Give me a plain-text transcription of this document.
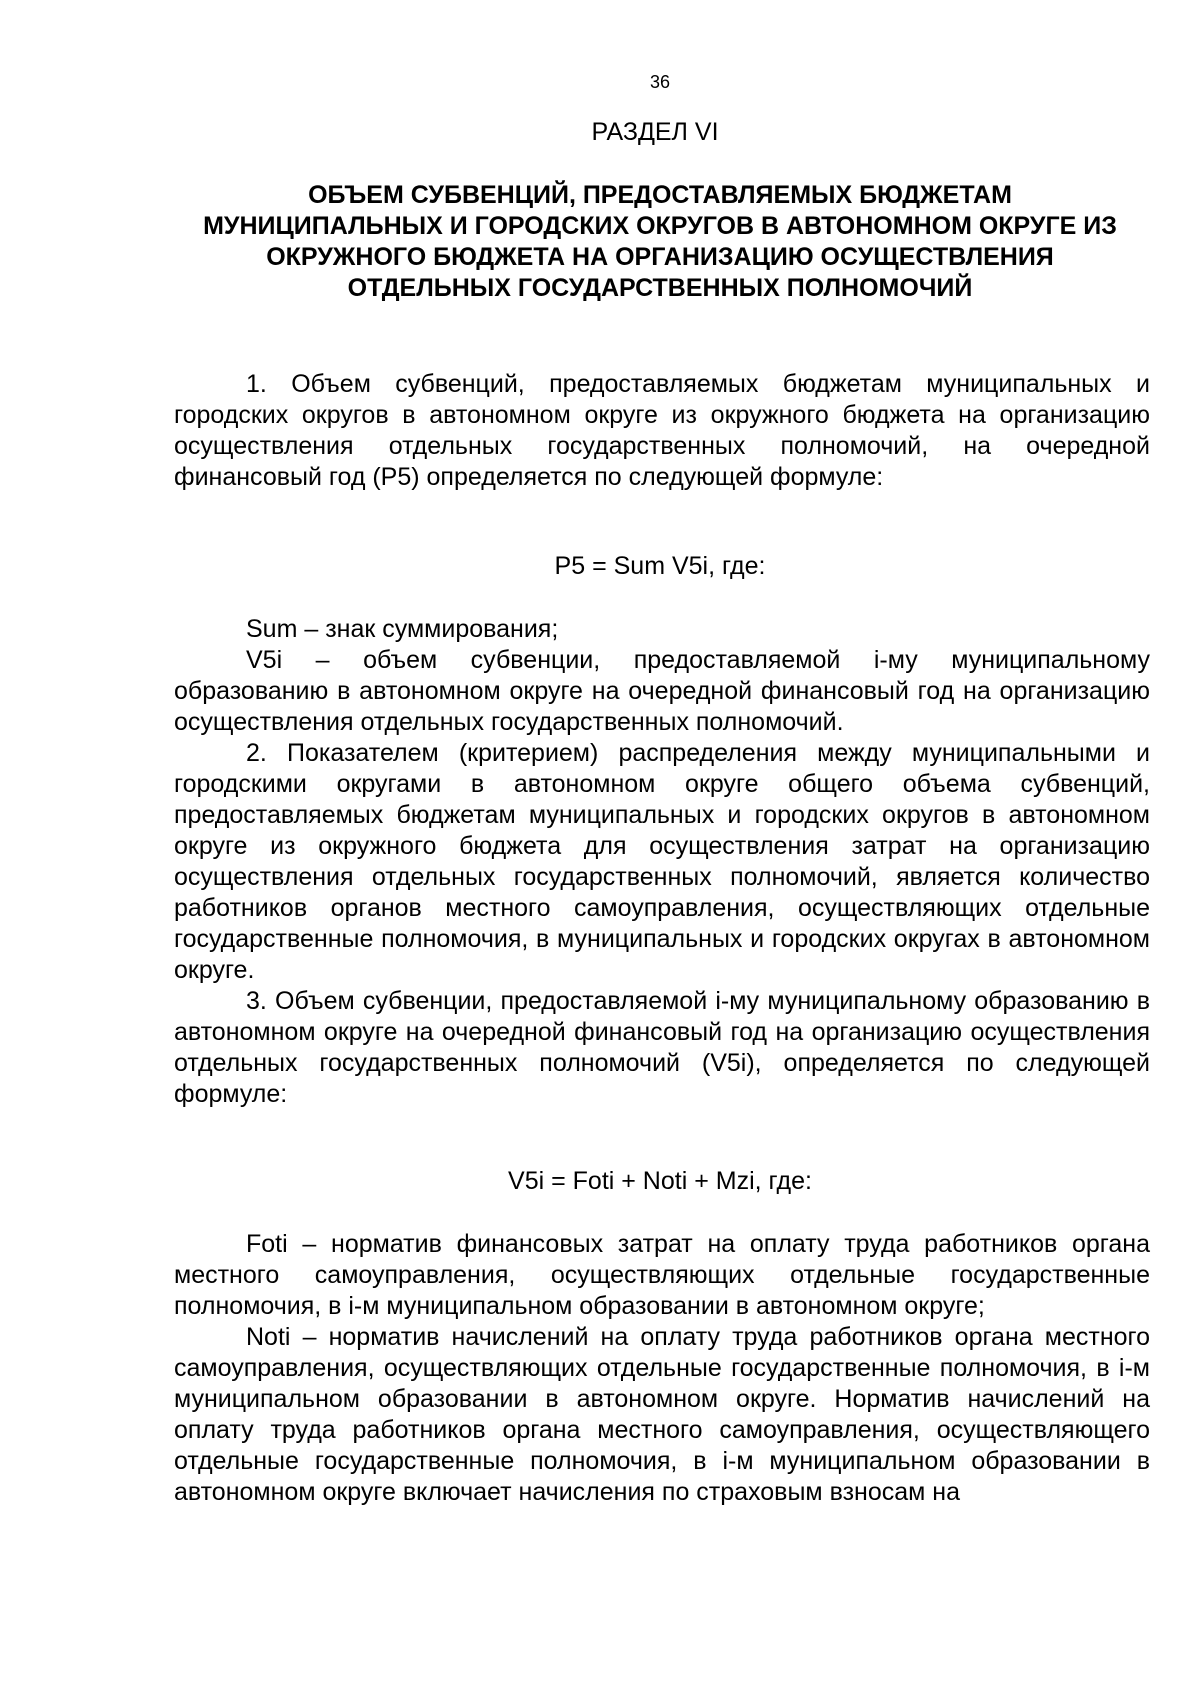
36
РАЗДЕЛ VI
ОБЪЕМ СУБВЕНЦИЙ, ПРЕДОСТАВЛЯЕМЫХ БЮДЖЕТАМ МУНИЦИПАЛЬНЫХ И ГОРОДСКИХ ОКРУГОВ В АВТОНОМНОМ ОКРУГЕ ИЗ ОКРУЖНОГО БЮДЖЕТА НА ОРГАНИЗАЦИЮ ОСУЩЕСТВЛЕНИЯ ОТДЕЛЬНЫХ ГОСУДАРСТВЕННЫХ ПОЛНОМОЧИЙ

1. Объем субвенций, предоставляемых бюджетам муниципальных и городских округов в автономном округе из окружного бюджета на организацию осуществления отдельных государственных полномочий, на очередной финансовый год (P5) определяется по следующей формуле:

P5 = Sum V5i, где:

Sum – знак суммирования;

V5i – объем субвенции, предоставляемой i-му муниципальному образованию в автономном округе на очередной финансовый год на организацию осуществления отдельных государственных полномочий.

2. Показателем (критерием) распределения между муниципальными и городскими округами в автономном округе общего объема субвенций, предоставляемых бюджетам муниципальных и городских округов в автономном округе из окружного бюджета для осуществления затрат на организацию осуществления отдельных государственных полномочий, является количество работников органов местного самоуправления, осуществляющих отдельные государственные полномочия, в муниципальных и городских округах в автономном округе.

3. Объем субвенции, предоставляемой i-му муниципальному образованию в автономном округе на очередной финансовый год на организацию осуществления отдельных государственных полномочий (V5i), определяется по следующей формуле:

V5i = Foti + Noti + Mzi, где:

Foti – норматив финансовых затрат на оплату труда работников органа местного самоуправления, осуществляющих отдельные государственные полномочия, в i-м муниципальном образовании в автономном округе;

Noti – норматив начислений на оплату труда работников органа местного самоуправления, осуществляющих отдельные государственные полномочия, в i-м муниципальном образовании в автономном округе. Норматив начислений на оплату труда работников органа местного самоуправления, осуществляющего отдельные государственные полномочия, в i-м муниципальном образовании в автономном округе включает начисления по страховым взносам на
